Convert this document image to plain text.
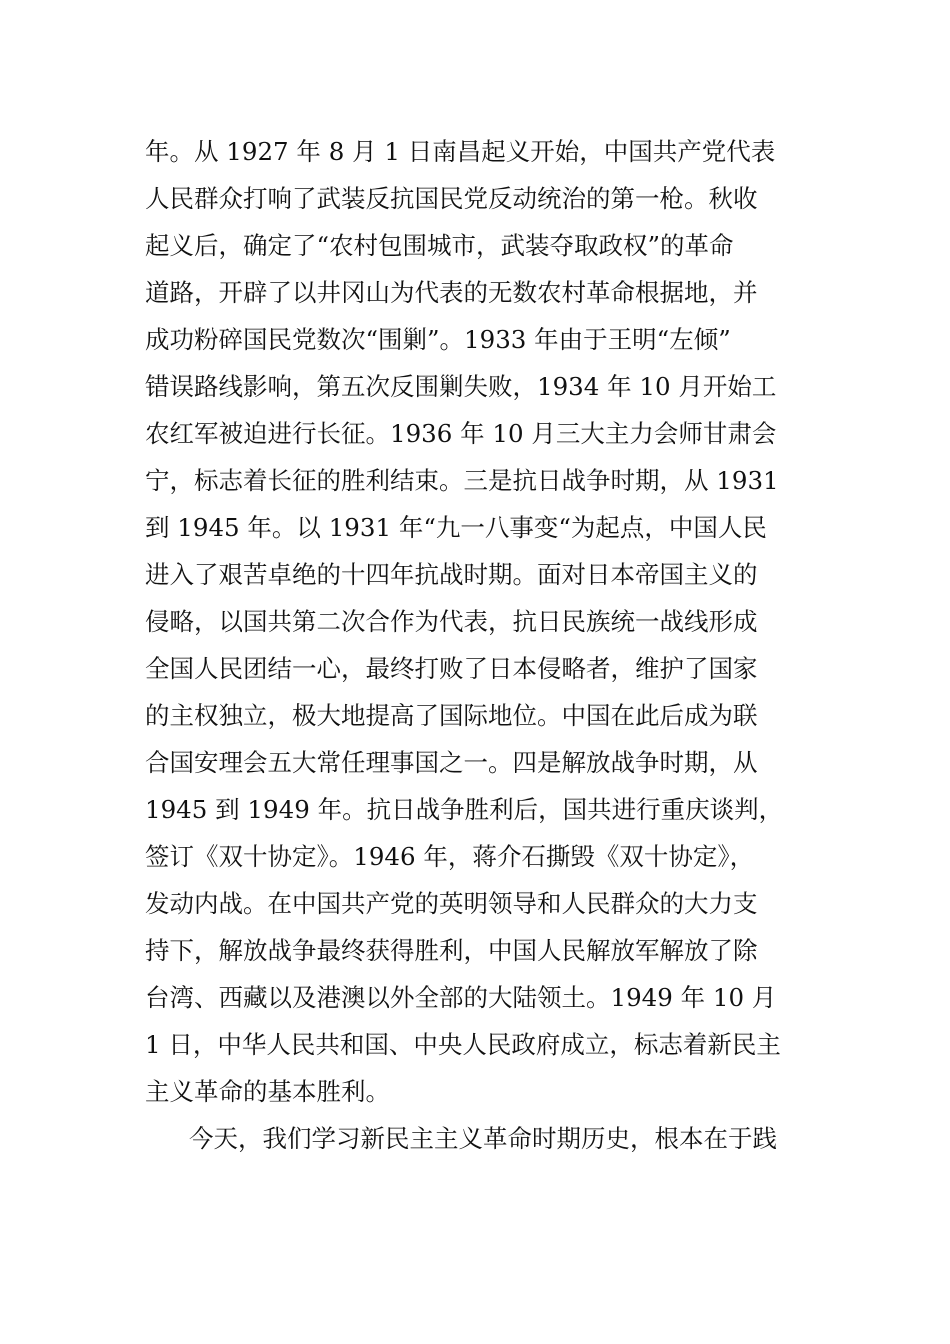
年。从 1927 年 8 月 1 日南昌起义开始，中国共产党代表
人民群众打响了武装反抗国民党反动统治的第一枪。秋收
起义后，确定了“农村包围城市，武装夺取政权”的革命
道路，开辟了以井冈山为代表的无数农村革命根据地，并
成功粉碎国民党数次“围剿”。1933 年由于王明“左倾”
错误路线影响，第五次反围剿失败，1934 年 10 月开始工
农红军被迫进行长征。1936 年 10 月三大主力会师甘肃会
宁，标志着长征的胜利结束。三是抗日战争时期，从 1931
到 1945 年。以 1931 年“九一八事变“为起点，中国人民
进入了艰苦卓绝的十四年抗战时期。面对日本帝国主义的
侵略，以国共第二次合作为代表，抗日民族统一战线形成
全国人民团结一心，最终打败了日本侵略者，维护了国家
的主权独立，极大地提高了国际地位。中国在此后成为联
合国安理会五大常任理事国之一。四是解放战争时期，从
1945 到 1949 年。抗日战争胜利后，国共进行重庆谈判，
签订《双十协定》。1946 年，蒋介石撕毁《双十协定》，
发动内战。在中国共产党的英明领导和人民群众的大力支
持下，解放战争最终获得胜利，中国人民解放军解放了除
台湾、西藏以及港澳以外全部的大陆领土。1949 年 10 月
1 日，中华人民共和国、中央人民政府成立，标志着新民主
主义革命的基本胜利。
今天，我们学习新民主主义革命时期历史，根本在于践
